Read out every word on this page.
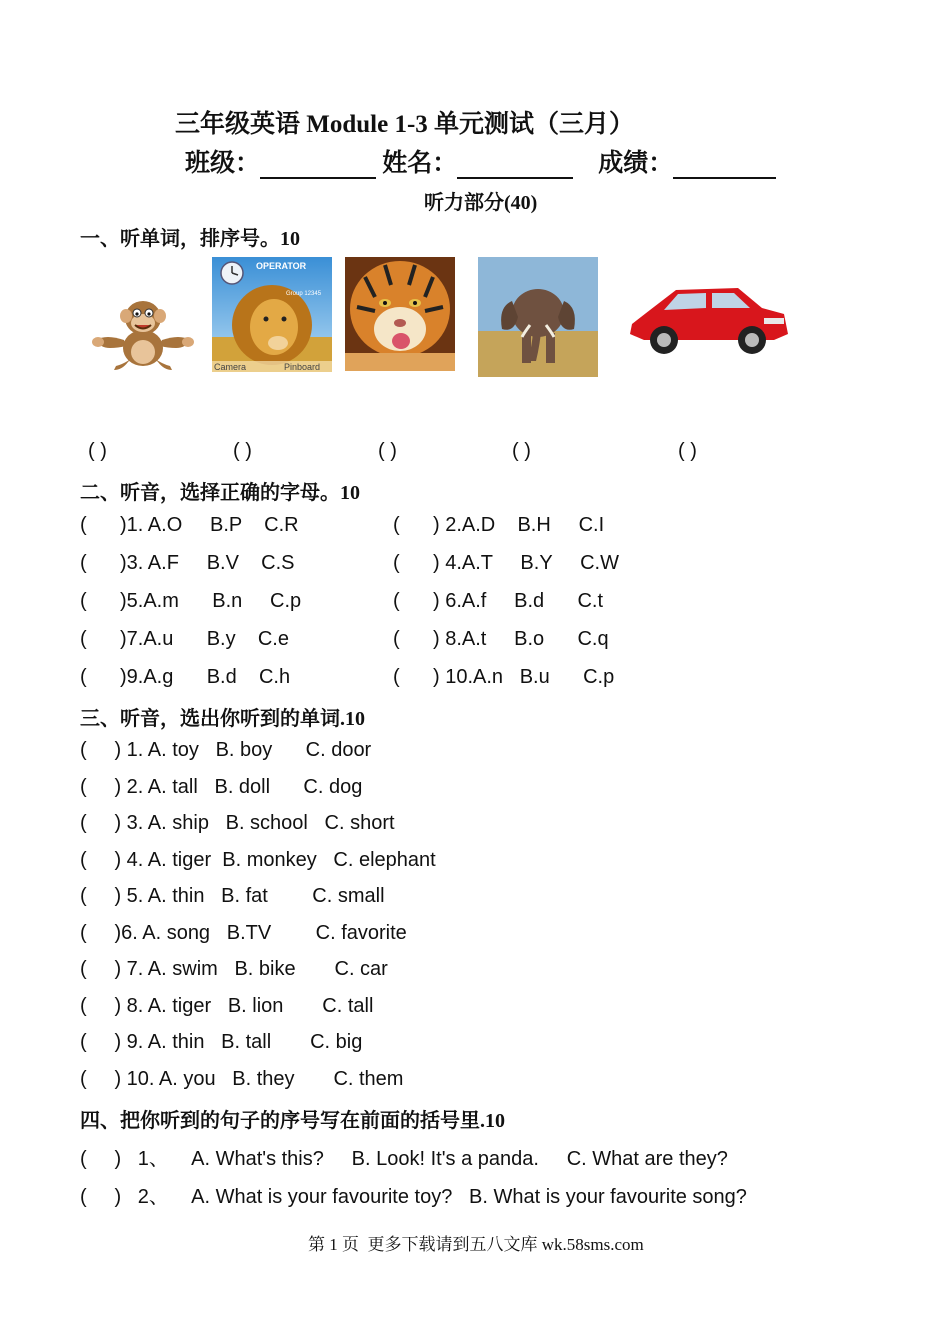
三年级英语 Module 1-3 单元测试（三月）
班级：	姓名：	成绩：
听力部分(40)
一、听单词，排序号。10
OPERATOR
Group 12345
Camera	Pinboard
( )	( )	( )	( )	( )
二、听音，选择正确的字母。10
(      )1. A.O     B.P    C.R	(      ) 2.A.D    B.H     C.I
(      )3. A.F     B.V    C.S	(      ) 4.A.T     B.Y     C.W
(      )5.A.m      B.n     C.p	(      ) 6.A.f     B.d      C.t
(      )7.A.u      B.y    C.e	(      ) 8.A.t     B.o      C.q
(      )9.A.g      B.d    C.h	(      ) 10.A.n   B.u      C.p
三、听音，选出你听到的单词.10
(     ) 1. A. toy   B. boy      C. door
(     ) 2. A. tall   B. doll      C. dog
(     ) 3. A. ship   B. school   C. short
(     ) 4. A. tiger  B. monkey   C. elephant
(     ) 5. A. thin   B. fat        C. small
(     )6. A. song   B.TV        C. favorite
(     ) 7. A. swim   B. bike       C. car
(     ) 8. A. tiger   B. lion       C. tall
(     ) 9. A. thin   B. tall       C. big
(     ) 10. A. you   B. they       C. them
四、把你听到的句子的序号写在前面的括号里.10
(     )   1、    A. What's this?     B. Look! It's a panda.     C. What are they?
(     )   2、    A. What is your favourite toy?   B. What is your favourite song?
第 1 页  更多下载请到五八文库 wk.58sms.com
